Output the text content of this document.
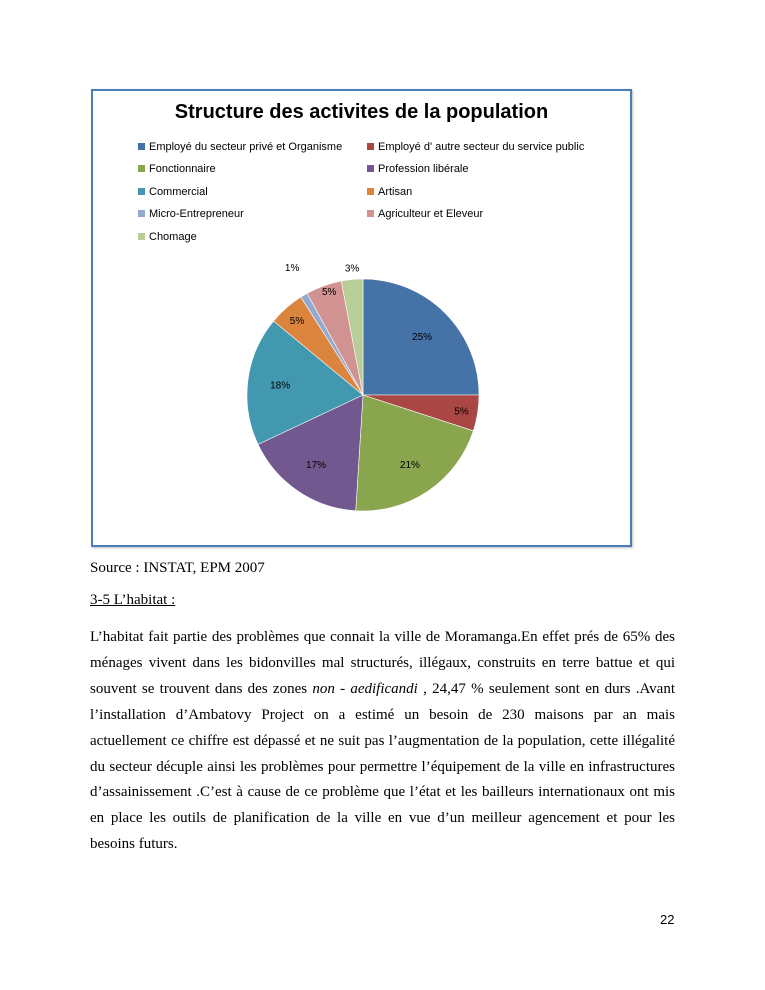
Structure des activites de la population
Employé du secteur privé et Organisme	Employé d' autre secteur du service public
Fonctionnaire	Profession libérale
Commercial	Artisan
Micro-Entrepreneur	Agriculteur et Eleveur
Chomage
25%
5%
21%
17%
18%
5%
1%
5%
3%
Source : INSTAT, EPM 2007
3-5 L’habitat :
L’habitat fait partie des problèmes que connait la ville de Moramanga.En effet prés de 65% des ménages vivent dans les bidonvilles mal structurés, illégaux, construits en terre battue et qui souvent se trouvent dans des zones non - aedificandi , 24,47 % seulement sont en durs .Avant l’installation d’Ambatovy Project on a estimé un besoin de 230 maisons par an mais actuellement ce chiffre est dépassé et ne suit pas l’augmentation de la population, cette illégalité du secteur décuple ainsi les problèmes pour permettre l’équipement de la ville en infrastructures d’assainissement .C’est à cause de ce problème que l’état et les bailleurs internationaux ont mis en place les outils de planification de la ville en vue d’un meilleur agencement et pour les besoins futurs.
22
